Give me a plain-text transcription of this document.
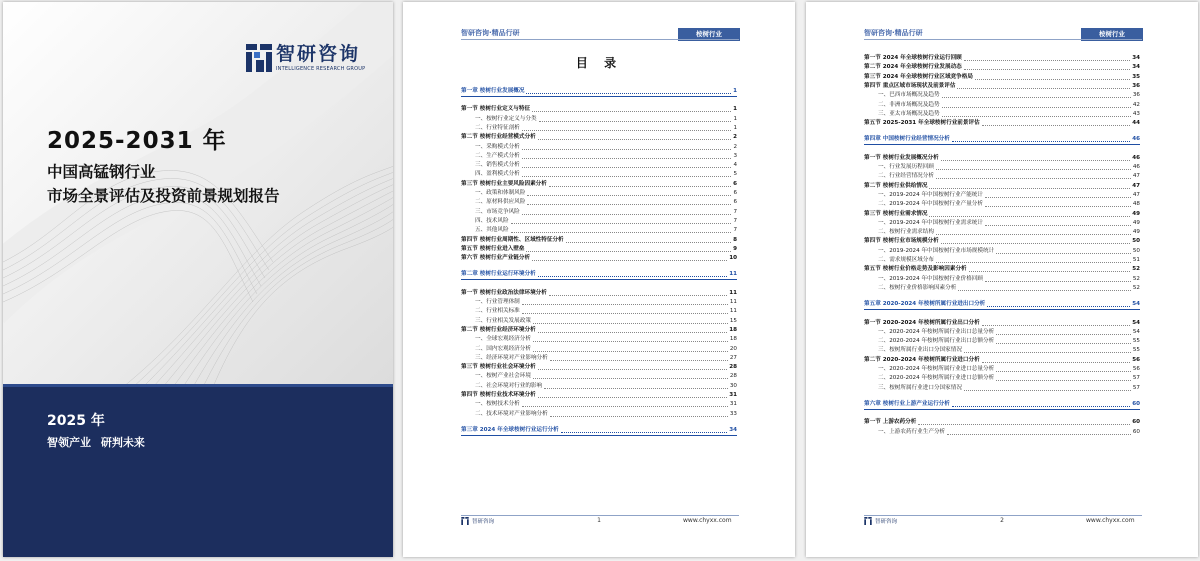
智研咨询
INTELLIGENCE RESEARCH GROUP
2025-2031 年
中国高锰钢行业
市场全景评估及投资前景规划报告
2025 年
智领产业 研判未来
智研咨询·精品行研	桉树行业
目 录
第一章 桉树行业发展概况	1
第一节 桉树行业定义与特征	1
一、桉树行业定义与分类	1
二、行业特征剖析	1
第二节 桉树行业经营模式分析	2
一、采购模式分析	2
二、生产模式分析	3
三、销售模式分析	4
四、盈利模式分析	5
第三节 桉树行业主要风险因素分析	6
一、政策和体制风险	6
二、原材料供应风险	6
三、市场竞争风险	7
四、技术风险	7
五、其他风险	7
第四节 桉树行业周期性、区域性特征分析	8
第五节 桉树行业进入壁垒	9
第六节 桉树行业产业链分析	10
第二章 桉树行业运行环境分析	11
第一节 桉树行业政治法律环境分析	11
一、行业管理体制	11
二、行业相关标准	11
三、行业相关发展政策	15
第二节 桉树行业经济环境分析	18
一、全球宏观经济分析	18
二、国内宏观经济分析	20
三、经济环境对产业影响分析	27
第三节 桉树行业社会环境分析	28
一、桉树产业社会环境	28
二、社会环境对行业的影响	30
第四节 桉树行业技术环境分析	31
一、桉树技术分析	31
二、技术环境对产业影响分析	33
第三章 2024 年全球桉树行业运行分析	34
智研咨询	1	www.chyxx.com
智研咨询·精品行研	桉树行业
第一节 2024 年全球桉树行业运行回顾	34
第二节 2024 年全球桉树行业发展动态	34
第三节 2024 年全球桉树行业区域竞争格局	35
第四节 重点区域市场现状及前景评估	36
一、巴西市场概况及趋势	36
二、非洲市场概况及趋势	42
三、亚太市场概况及趋势	43
第五节 2025-2031 年全球桉树行业前景评估	44
第四章 中国桉树行业经营情况分析	46
第一节 桉树行业发展概况分析	46
一、行业发展历程回顾	46
二、行业经营情况分析	47
第二节 桉树行业供给情况	47
一、2019-2024 年中国桉树行业产能统计	47
二、2019-2024 年中国桉树行业产量分析	48
第三节 桉树行业需求情况	49
一、2019-2024 年中国桉树行业需求统计	49
二、桉树行业需求结构	49
第四节 桉树行业市场规模分析	50
一、2019-2024 年中国桉树行业市场规模统计	50
二、需求规模区域分布	51
第五节 桉树行业价格走势及影响因素分析	52
一、2019-2024 年中国桉树行业价格回顾	52
二、桉树行业价格影响因素分析	52
第五章 2020-2024 年桉树所属行业进出口分析	54
第一节 2020-2024 年桉树所属行业出口分析	54
一、2020-2024 年桉树所属行业出口总量分析	54
二、2020-2024 年桉树所属行业出口总额分析	55
三、桉树所属行业出口分国家情况	55
第二节 2020-2024 年桉树所属行业进口分析	56
一、2020-2024 年桉树所属行业进口总量分析	56
二、2020-2024 年桉树所属行业进口总额分析	57
三、桉树所属行业进口分国家情况	57
第六章 桉树行业上游产业运行分析	60
第一节 上游农药分析	60
一、上游农药行业生产分析	60
智研咨询	2	www.chyxx.com
